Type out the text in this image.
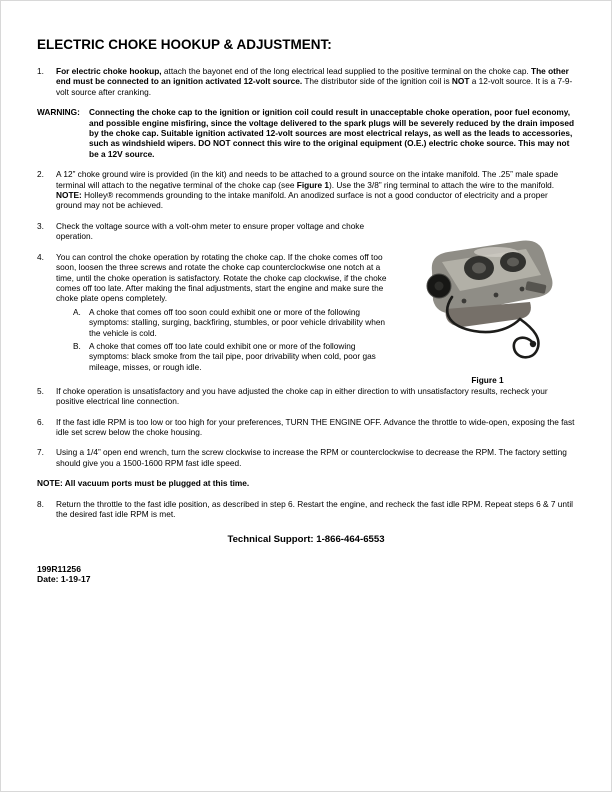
ELECTRIC CHOKE HOOKUP & ADJUSTMENT:
1. For electric choke hookup, attach the bayonet end of the long electrical lead supplied to the positive terminal on the choke cap. The other end must be connected to an ignition activated 12-volt source. The distributor side of the ignition coil is NOT a 12-volt source. It is a 7-9-volt source after cranking.
WARNING: Connecting the choke cap to the ignition or ignition coil could result in unacceptable choke operation, poor fuel economy, and possible engine misfiring, since the voltage delivered to the spark plugs will be severely reduced by the drain imposed by the choke cap. Suitable ignition activated 12-volt sources are most electrical relays, as well as the leads to accessories, such as windshield wipers. DO NOT connect this wire to the original equipment (O.E.) electric choke source. This may not be a 12V source.
2. A 12” choke ground wire is provided (in the kit) and needs to be attached to a ground source on the intake manifold. The .25” male spade terminal will attach to the negative terminal of the choke cap (see Figure 1). Use the 3/8” ring terminal to attach the wire to the manifold. NOTE: Holley® recommends grounding to the intake manifold. An anodized surface is not a good conductor of electricity and a proper ground may not be achieved.
Figure 1
3. Check the voltage source with a volt-ohm meter to ensure proper voltage and choke operation.
4. You can control the choke operation by rotating the choke cap. If the choke comes off too soon, loosen the three screws and rotate the choke cap counterclockwise one notch at a time, until the choke operation is satisfactory. Rotate the choke cap clockwise, if the choke comes off too late. After making the final adjustments, start the engine and make sure the choke plate opens completely.
A. A choke that comes off too soon could exhibit one or more of the following symptoms: stalling, surging, backfiring, stumbles, or poor vehicle drivability when the vehicle is cold.
B. A choke that comes off too late could exhibit one or more of the following symptoms: black smoke from the tail pipe, poor drivability when cold, poor gas mileage, misses, or rough idle.
5. If choke operation is unsatisfactory and you have adjusted the choke cap in either direction to with unsatisfactory results, recheck your positive electrical line connection.
6. If the fast idle RPM is too low or too high for your preferences, TURN THE ENGINE OFF. Advance the throttle to wide-open, exposing the fast idle set screw below the choke housing.
7. Using a 1/4” open end wrench, turn the screw clockwise to increase the RPM or counterclockwise to decrease the RPM. The factory setting should give you a 1500-1600 RPM fast idle speed.
NOTE: All vacuum ports must be plugged at this time.
8. Return the throttle to the fast idle position, as described in step 6. Restart the engine, and recheck the fast idle RPM. Repeat steps 6 & 7 until the desired fast idle RPM is met.
Technical Support: 1-866-464-6553
199R11256
Date: 1-19-17
